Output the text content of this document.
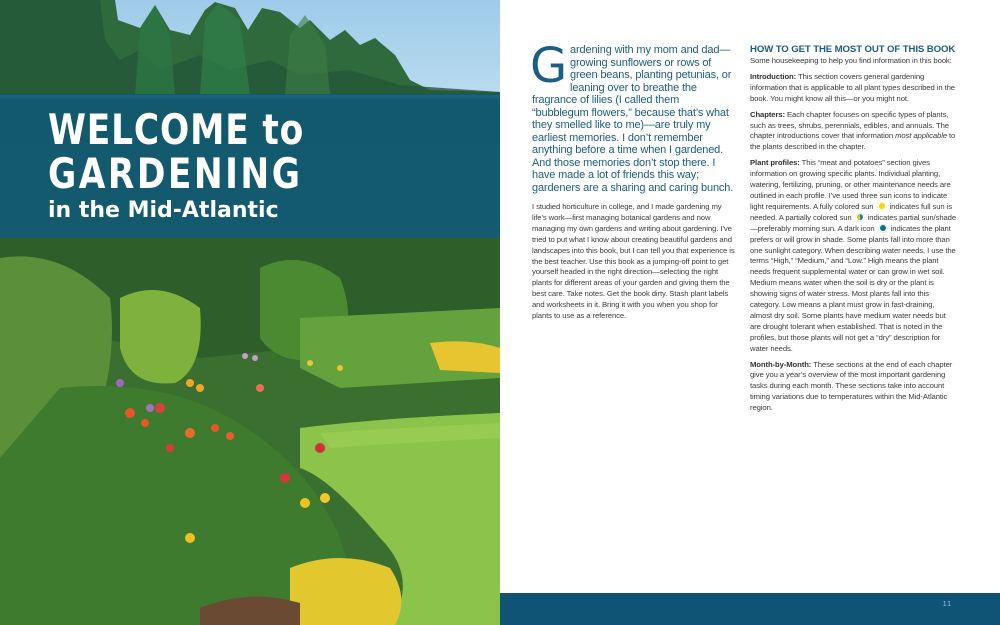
WELCOME to
GARDENING
in the Mid-Atlantic
Gardening with my mom and dad—growing sunflowers or rows of green beans, planting petunias, or leaning over to breathe the fragrance of lilies (I called them “bubblegum flowers,” because that’s what they smelled like to me)—are truly my earliest memories. I don’t remember anything before a time when I gardened. And those memories don’t stop there. I have made a lot of friends this way; gardeners are a sharing and caring bunch.
I studied horticulture in college, and I made gardening my life’s work—first managing botanical gardens and now managing my own gardens and writing about gardening. I’ve tried to put what I know about creating beautiful gardens and landscapes into this book, but I can tell you that experience is the best teacher. Use this book as a jumping-off point to get yourself headed in the right direction—selecting the right plants for different areas of your garden and giving them the best care. Take notes. Get the book dirty. Stash plant labels and worksheets in it. Bring it with you when you shop for plants to use as a reference.
HOW TO GET THE MOST OUT OF THIS BOOK

Some housekeeping to help you find information in this book:

Introduction: This section covers general gardening information that is applicable to all plant types described in the book. You might know all this—or you might not.

Chapters: Each chapter focuses on specific types of plants, such as trees, shrubs, perennials, edibles, and annuals. The chapter introductions cover that information most applicable to the plants described in the chapter.

Plant profiles: This “meat and potatoes” section gives information on growing specific plants. Individual planting, watering, fertilizing, pruning, or other maintenance needs are outlined in each profile. I’ve used three sun icons to indicate light requirements. A fully colored sun indicates full sun is needed. A partially colored sun indicates partial sun/shade—preferably morning sun. A dark icon indicates the plant prefers or will grow in shade. Some plants fall into more than one sunlight category. When describing water needs, I use the terms “High,” “Medium,” and “Low.” High means the plant needs frequent supplemental water or can grow in wet soil. Medium means water when the soil is dry or the plant is showing signs of water stress. Most plants fall into this category. Low means a plant must grow in fast-draining, almost dry soil. Some plants have medium water needs but are drought tolerant when established. That is noted in the profiles, but those plants will not get a “dry” description for water needs.

Month-by-Month: These sections at the end of each chapter give you a year’s overview of the most important gardening tasks during each month. These sections take into account timing variations due to temperatures within the Mid-Atlantic region.

11
